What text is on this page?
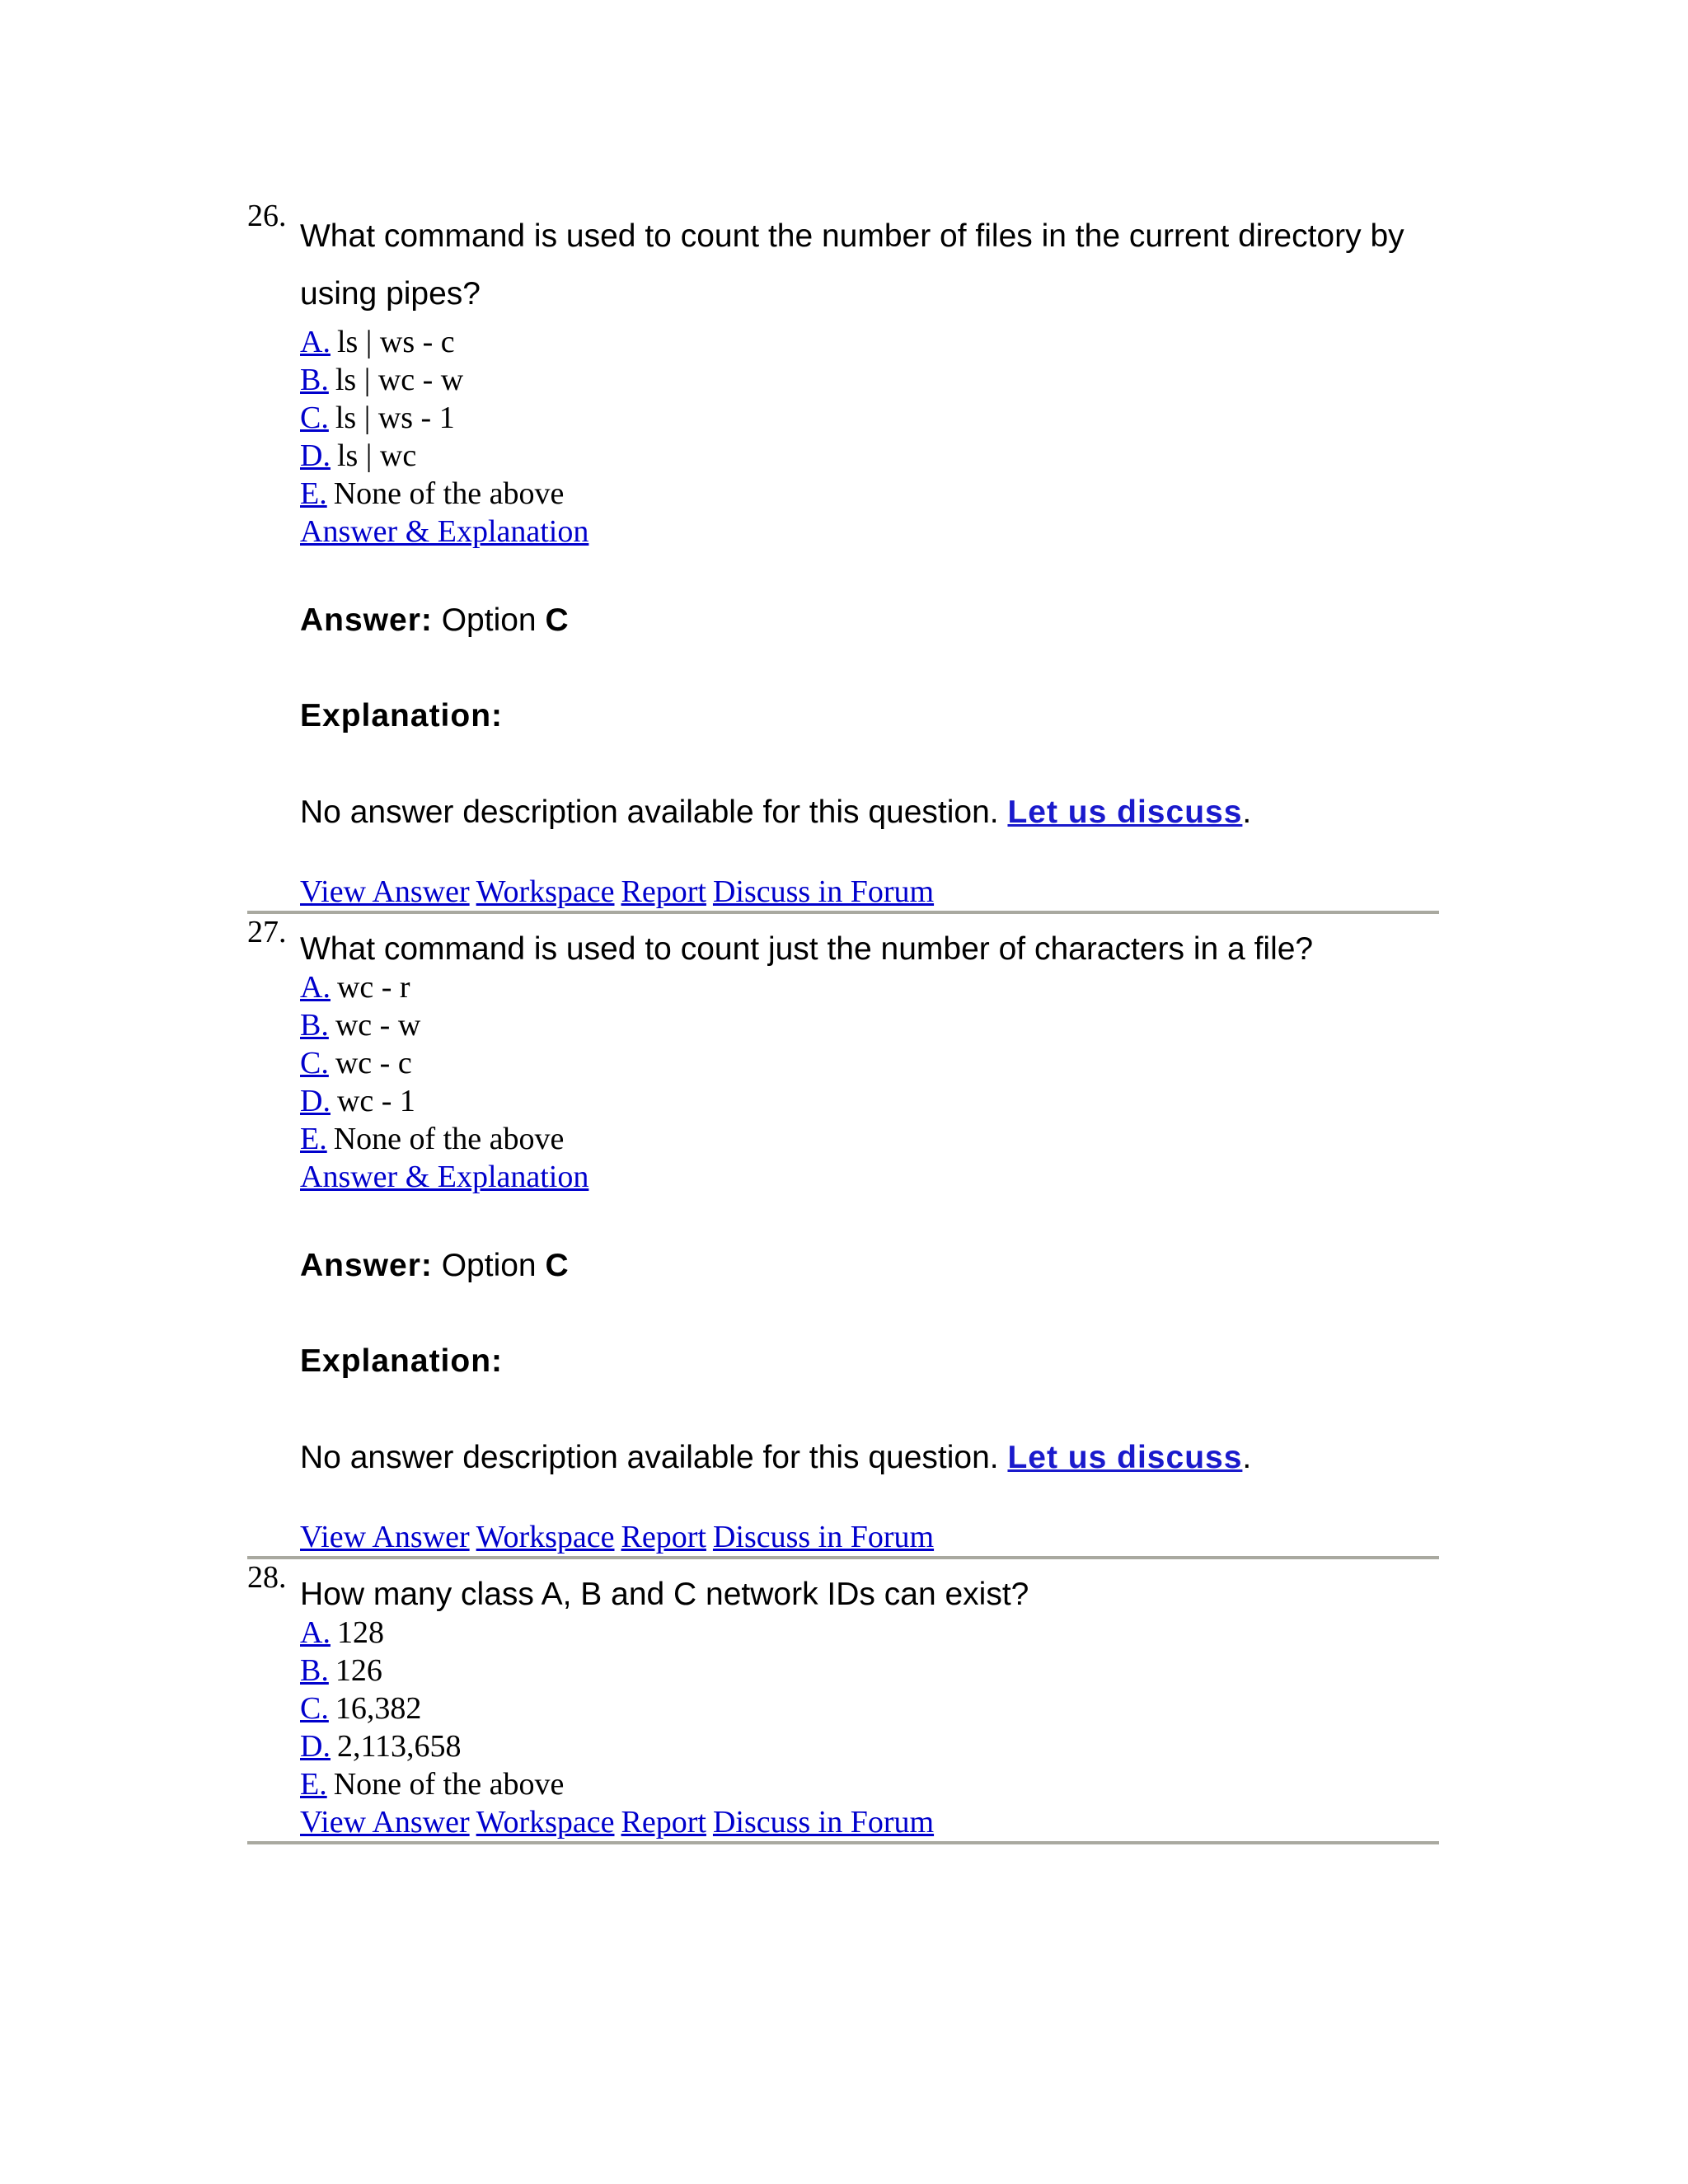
26.
What command is used to count the number of files in the current directory by using pipes?
A. ls | ws - c
B. ls | wc - w
C. ls | ws - 1
D. ls | wc
E. None of the above
Answer & Explanation
Answer: Option C
Explanation:
No answer description available for this question. Let us discuss.
View Answer Workspace Report Discuss in Forum
27. What command is used to count just the number of characters in a file?
A. wc - r
B. wc - w
C. wc - c
D. wc - 1
E. None of the above
Answer & Explanation
Answer: Option C
Explanation:
No answer description available for this question. Let us discuss.
View Answer Workspace Report Discuss in Forum
28. How many class A, B and C network IDs can exist?
A. 128
B. 126
C. 16,382
D. 2,113,658
E. None of the above
View Answer Workspace Report Discuss in Forum
